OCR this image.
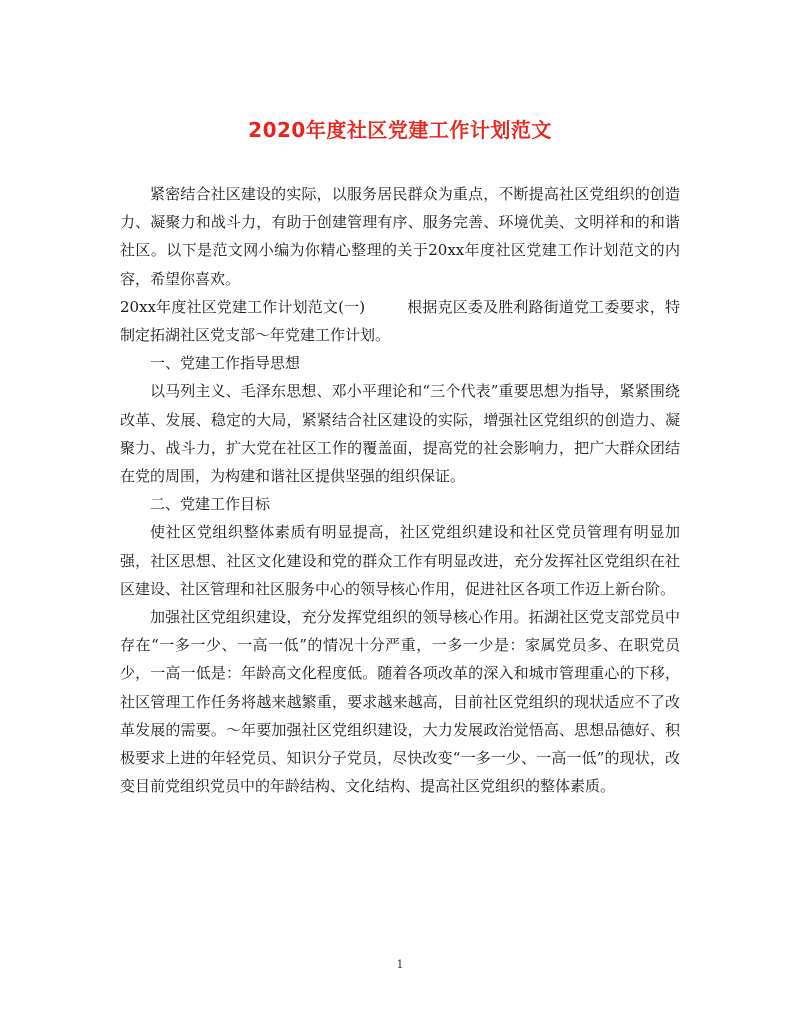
2020年度社区党建工作计划范文

紧密结合社区建设的实际，以服务居民群众为重点，不断提高社区党组织的创造力、凝聚力和战斗力，有助于创建管理有序、服务完善、环境优美、文明祥和的和谐社区。以下是范文网小编为你精心整理的关于20xx年度社区党建工作计划范文的内容，希望你喜欢。

20xx年度社区党建工作计划范文(一)	根据克区委及胜利路街道党工委要求，特制定拓湖社区党支部～年党建工作计划。

一、党建工作指导思想

以马列主义、毛泽东思想、邓小平理论和“三个代表”重要思想为指导，紧紧围绕改革、发展、稳定的大局，紧紧结合社区建设的实际，增强社区党组织的创造力、凝聚力、战斗力，扩大党在社区工作的覆盖面，提高党的社会影响力，把广大群众团结在党的周围，为构建和谐社区提供坚强的组织保证。

二、党建工作目标

使社区党组织整体素质有明显提高，社区党组织建设和社区党员管理有明显加强，社区思想、社区文化建设和党的群众工作有明显改进，充分发挥社区党组织在社区建设、社区管理和社区服务中心的领导核心作用，促进社区各项工作迈上新台阶。

加强社区党组织建设，充分发挥党组织的领导核心作用。拓湖社区党支部党员中存在“一多一少、一高一低”的情况十分严重，一多一少是：家属党员多、在职党员少，一高一低是：年龄高文化程度低。随着各项改革的深入和城市管理重心的下移，社区管理工作任务将越来越繁重，要求越来越高，目前社区党组织的现状适应不了改革发展的需要。～年要加强社区党组织建设，大力发展政治觉悟高、思想品德好、积极要求上进的年轻党员、知识分子党员，尽快改变“一多一少、一高一低”的现状，改变目前党组织党员中的年龄结构、文化结构、提高社区党组织的整体素质。

1
